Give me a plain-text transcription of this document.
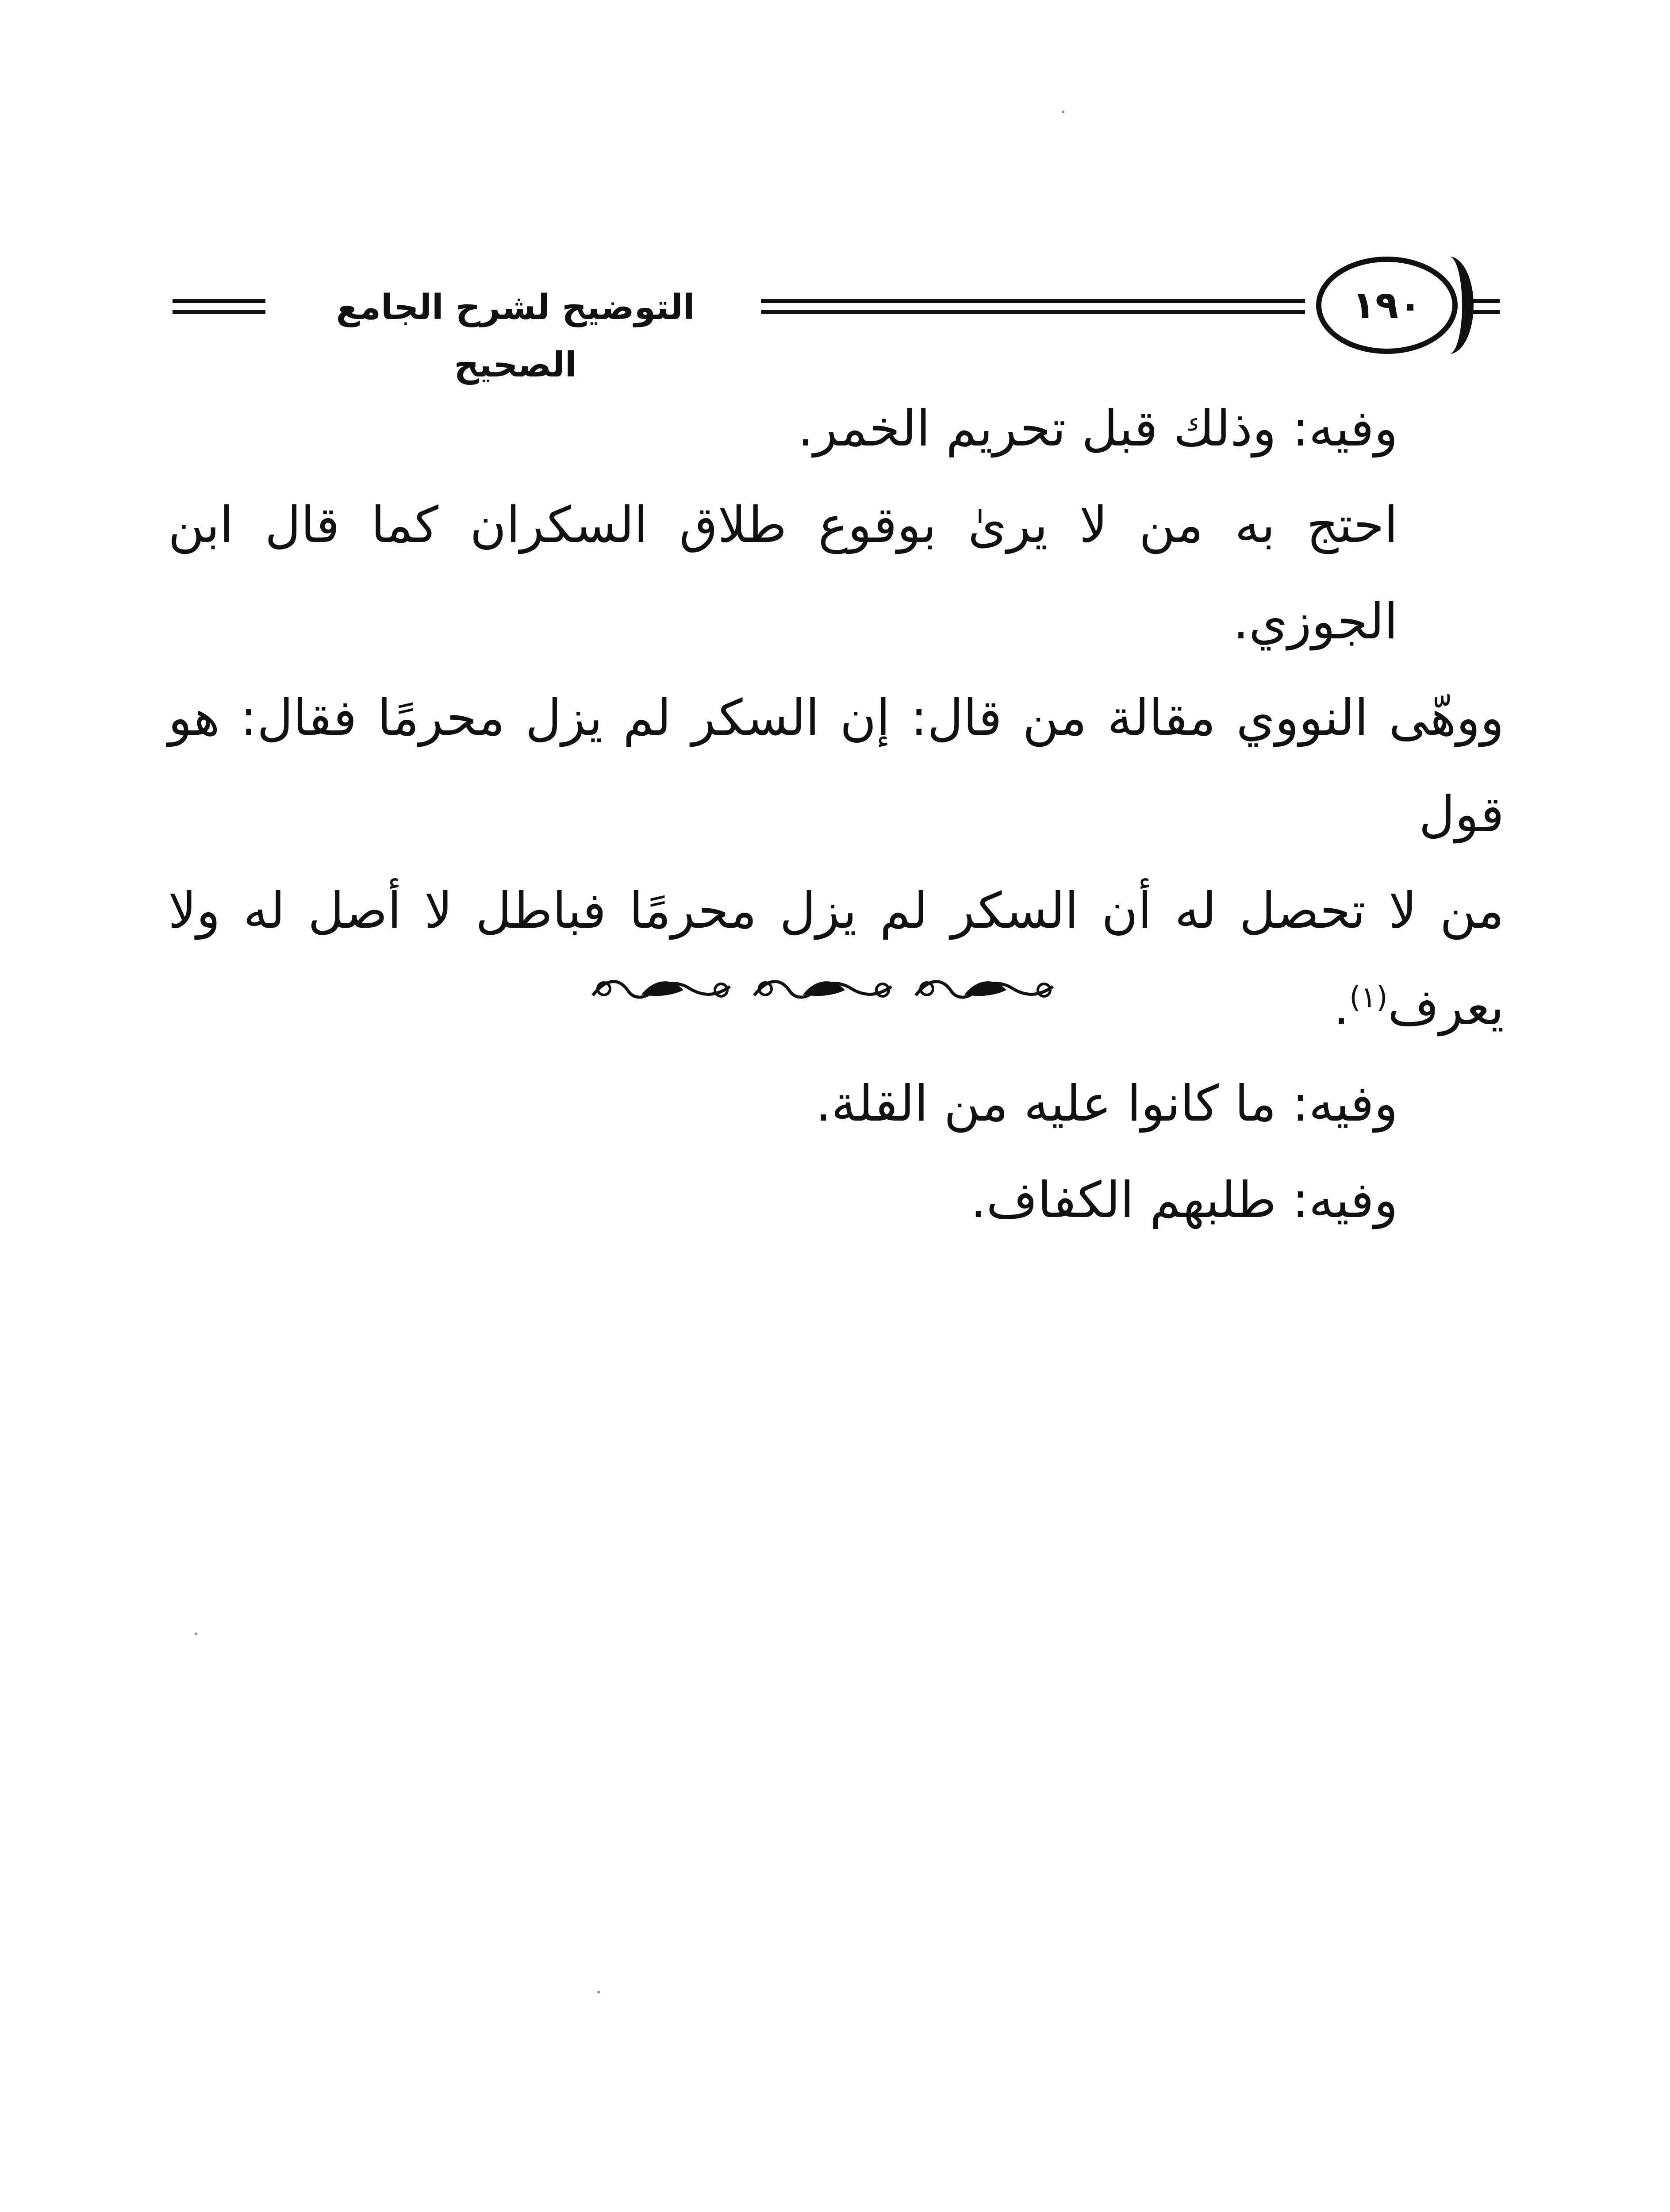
التوضيح لشرح الجامع الصحيح
١٩٠

وفيه: وذلك قبل تحريم الخمر.

احتج به من لا يرىٰ بوقوع طلاق السكران كما قال ابن الجوزي.

ووهّى النووي مقالة من قال: إن السكر لم يزل محرمًا فقال: هو قول

من لا تحصل له أن السكر لم يزل محرمًا فباطل لا أصل له ولا يعرف$^{(١)}$.

وفيه: ما كانوا عليه من القلة.

وفيه: طلبهم الكفاف.
